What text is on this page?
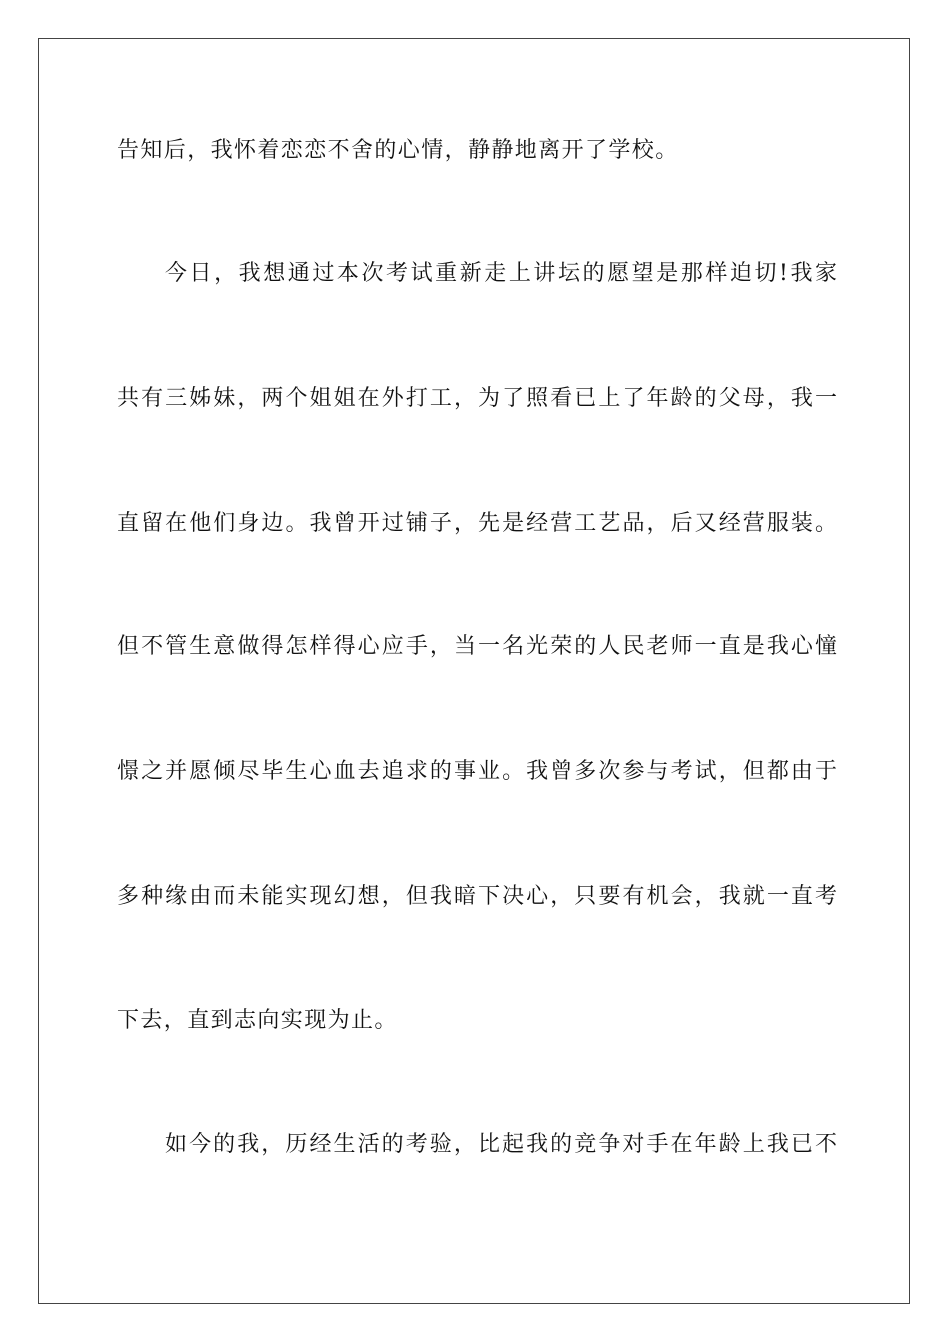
告知后，我怀着恋恋不舍的心情，静静地离开了学校。
今日，我想通过本次考试重新走上讲坛的愿望是那样迫切!我家
共有三姊妹，两个姐姐在外打工，为了照看已上了年龄的父母，我一
直留在他们身边。我曾开过铺子，先是经营工艺品，后又经营服装。
但不管生意做得怎样得心应手，当一名光荣的人民老师一直是我心憧
憬之并愿倾尽毕生心血去追求的事业。我曾多次参与考试，但都由于
多种缘由而未能实现幻想，但我暗下决心，只要有机会，我就一直考
下去，直到志向实现为止。
如今的我，历经生活的考验，比起我的竞争对手在年龄上我已不
